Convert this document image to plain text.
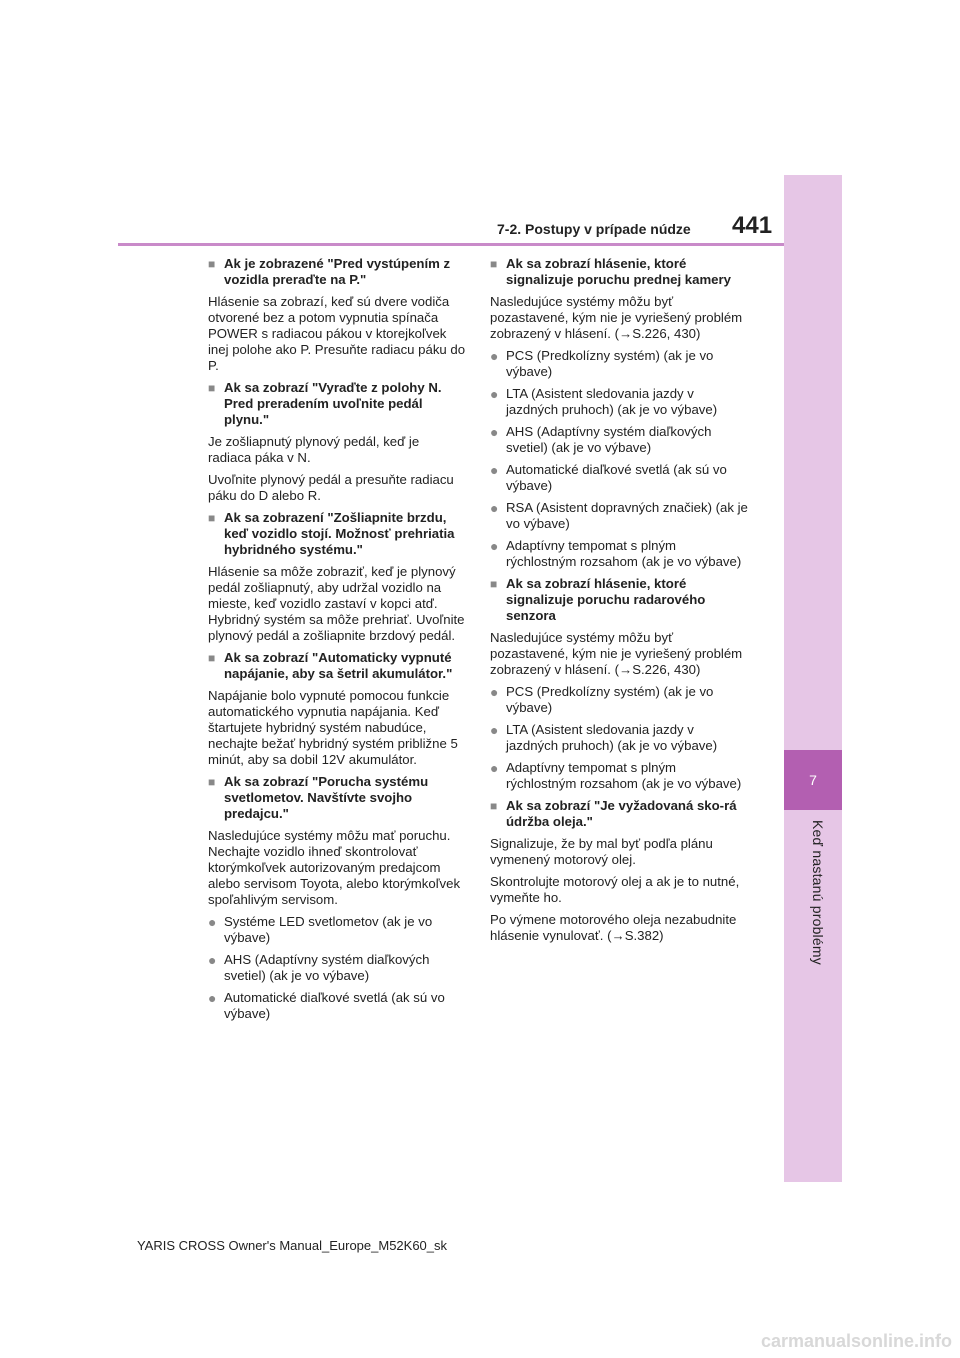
7
Keď nastanú problémy
7-2. Postupy v prípade núdze 441
■ Ak je zobrazené "Pred vystúpením z vozidla preraďte na P."
Hlásenie sa zobrazí, keď sú dvere vodiča otvorené bez a potom vypnutia spínača POWER s radiacou pákou v ktorejkoľvek inej polohe ako P. Presuňte radiacu páku do P.
■ Ak sa zobrazí "Vyraďte z polohy N. Pred preradením uvoľnite pedál plynu."
Je zošliapnutý plynový pedál, keď je radiaca páka v N.
Uvoľnite plynový pedál a presuňte radiacu páku do D alebo R.
■ Ak sa zobrazení "Zošliapnite brzdu, keď vozidlo stojí. Možnosť prehriatia hybridného systému."
Hlásenie sa môže zobraziť, keď je plynový pedál zošliapnutý, aby udržal vozidlo na mieste, keď vozidlo zastaví v kopci atď. Hybridný systém sa môže prehriať. Uvoľnite plynový pedál a zošliapnite brzdový pedál.
■ Ak sa zobrazí "Automaticky vypnuté napájanie, aby sa šetril akumulátor."
Napájanie bolo vypnuté pomocou funkcie automatického vypnutia napájania. Keď štartujete hybridný systém nabudúce, nechajte bežať hybridný systém približne 5 minút, aby sa dobil 12V akumulátor.
■ Ak sa zobrazí "Porucha systému svetlometov. Navštívte svojho predajcu."
Nasledujúce systémy môžu mať poruchu. Nechajte vozidlo ihneď skontrolovať ktorýmkoľvek autorizovaným predajcom alebo servisom Toyota, alebo ktorýmkoľvek spoľahlivým servisom.
● Systéme LED svetlometov (ak je vo výbave)
● AHS (Adaptívny systém diaľkových svetiel) (ak je vo výbave)
● Automatické diaľkové svetlá (ak sú vo výbave)
■ Ak sa zobrazí hlásenie, ktoré signalizuje poruchu prednej kamery
Nasledujúce systémy môžu byť pozastavené, kým nie je vyriešený problém zobrazený v hlásení. (→S.226, 430)
● PCS (Predkolízny systém) (ak je vo výbave)
● LTA (Asistent sledovania jazdy v jazdných pruhoch) (ak je vo výbave)
● AHS (Adaptívny systém diaľkových svetiel) (ak je vo výbave)
● Automatické diaľkové svetlá (ak sú vo výbave)
● RSA (Asistent dopravných značiek) (ak je vo výbave)
● Adaptívny tempomat s plným rýchlostným rozsahom (ak je vo výbave)
■ Ak sa zobrazí hlásenie, ktoré signalizuje poruchu radarového senzora
Nasledujúce systémy môžu byť pozastavené, kým nie je vyriešený problém zobrazený v hlásení. (→S.226, 430)
● PCS (Predkolízny systém) (ak je vo výbave)
● LTA (Asistent sledovania jazdy v jazdných pruhoch) (ak je vo výbave)
● Adaptívny tempomat s plným rýchlostným rozsahom (ak je vo výbave)
■ Ak sa zobrazí "Je vyžadovaná sko-rá údržba oleja."
Signalizuje, že by mal byť podľa plánu vymenený motorový olej.
Skontrolujte motorový olej a ak je to nutné, vymeňte ho.
Po výmene motorového oleja nezabudnite hlásenie vynulovať. (→S.382)
YARIS CROSS Owner's Manual_Europe_M52K60_sk
carmanualsonline.info
